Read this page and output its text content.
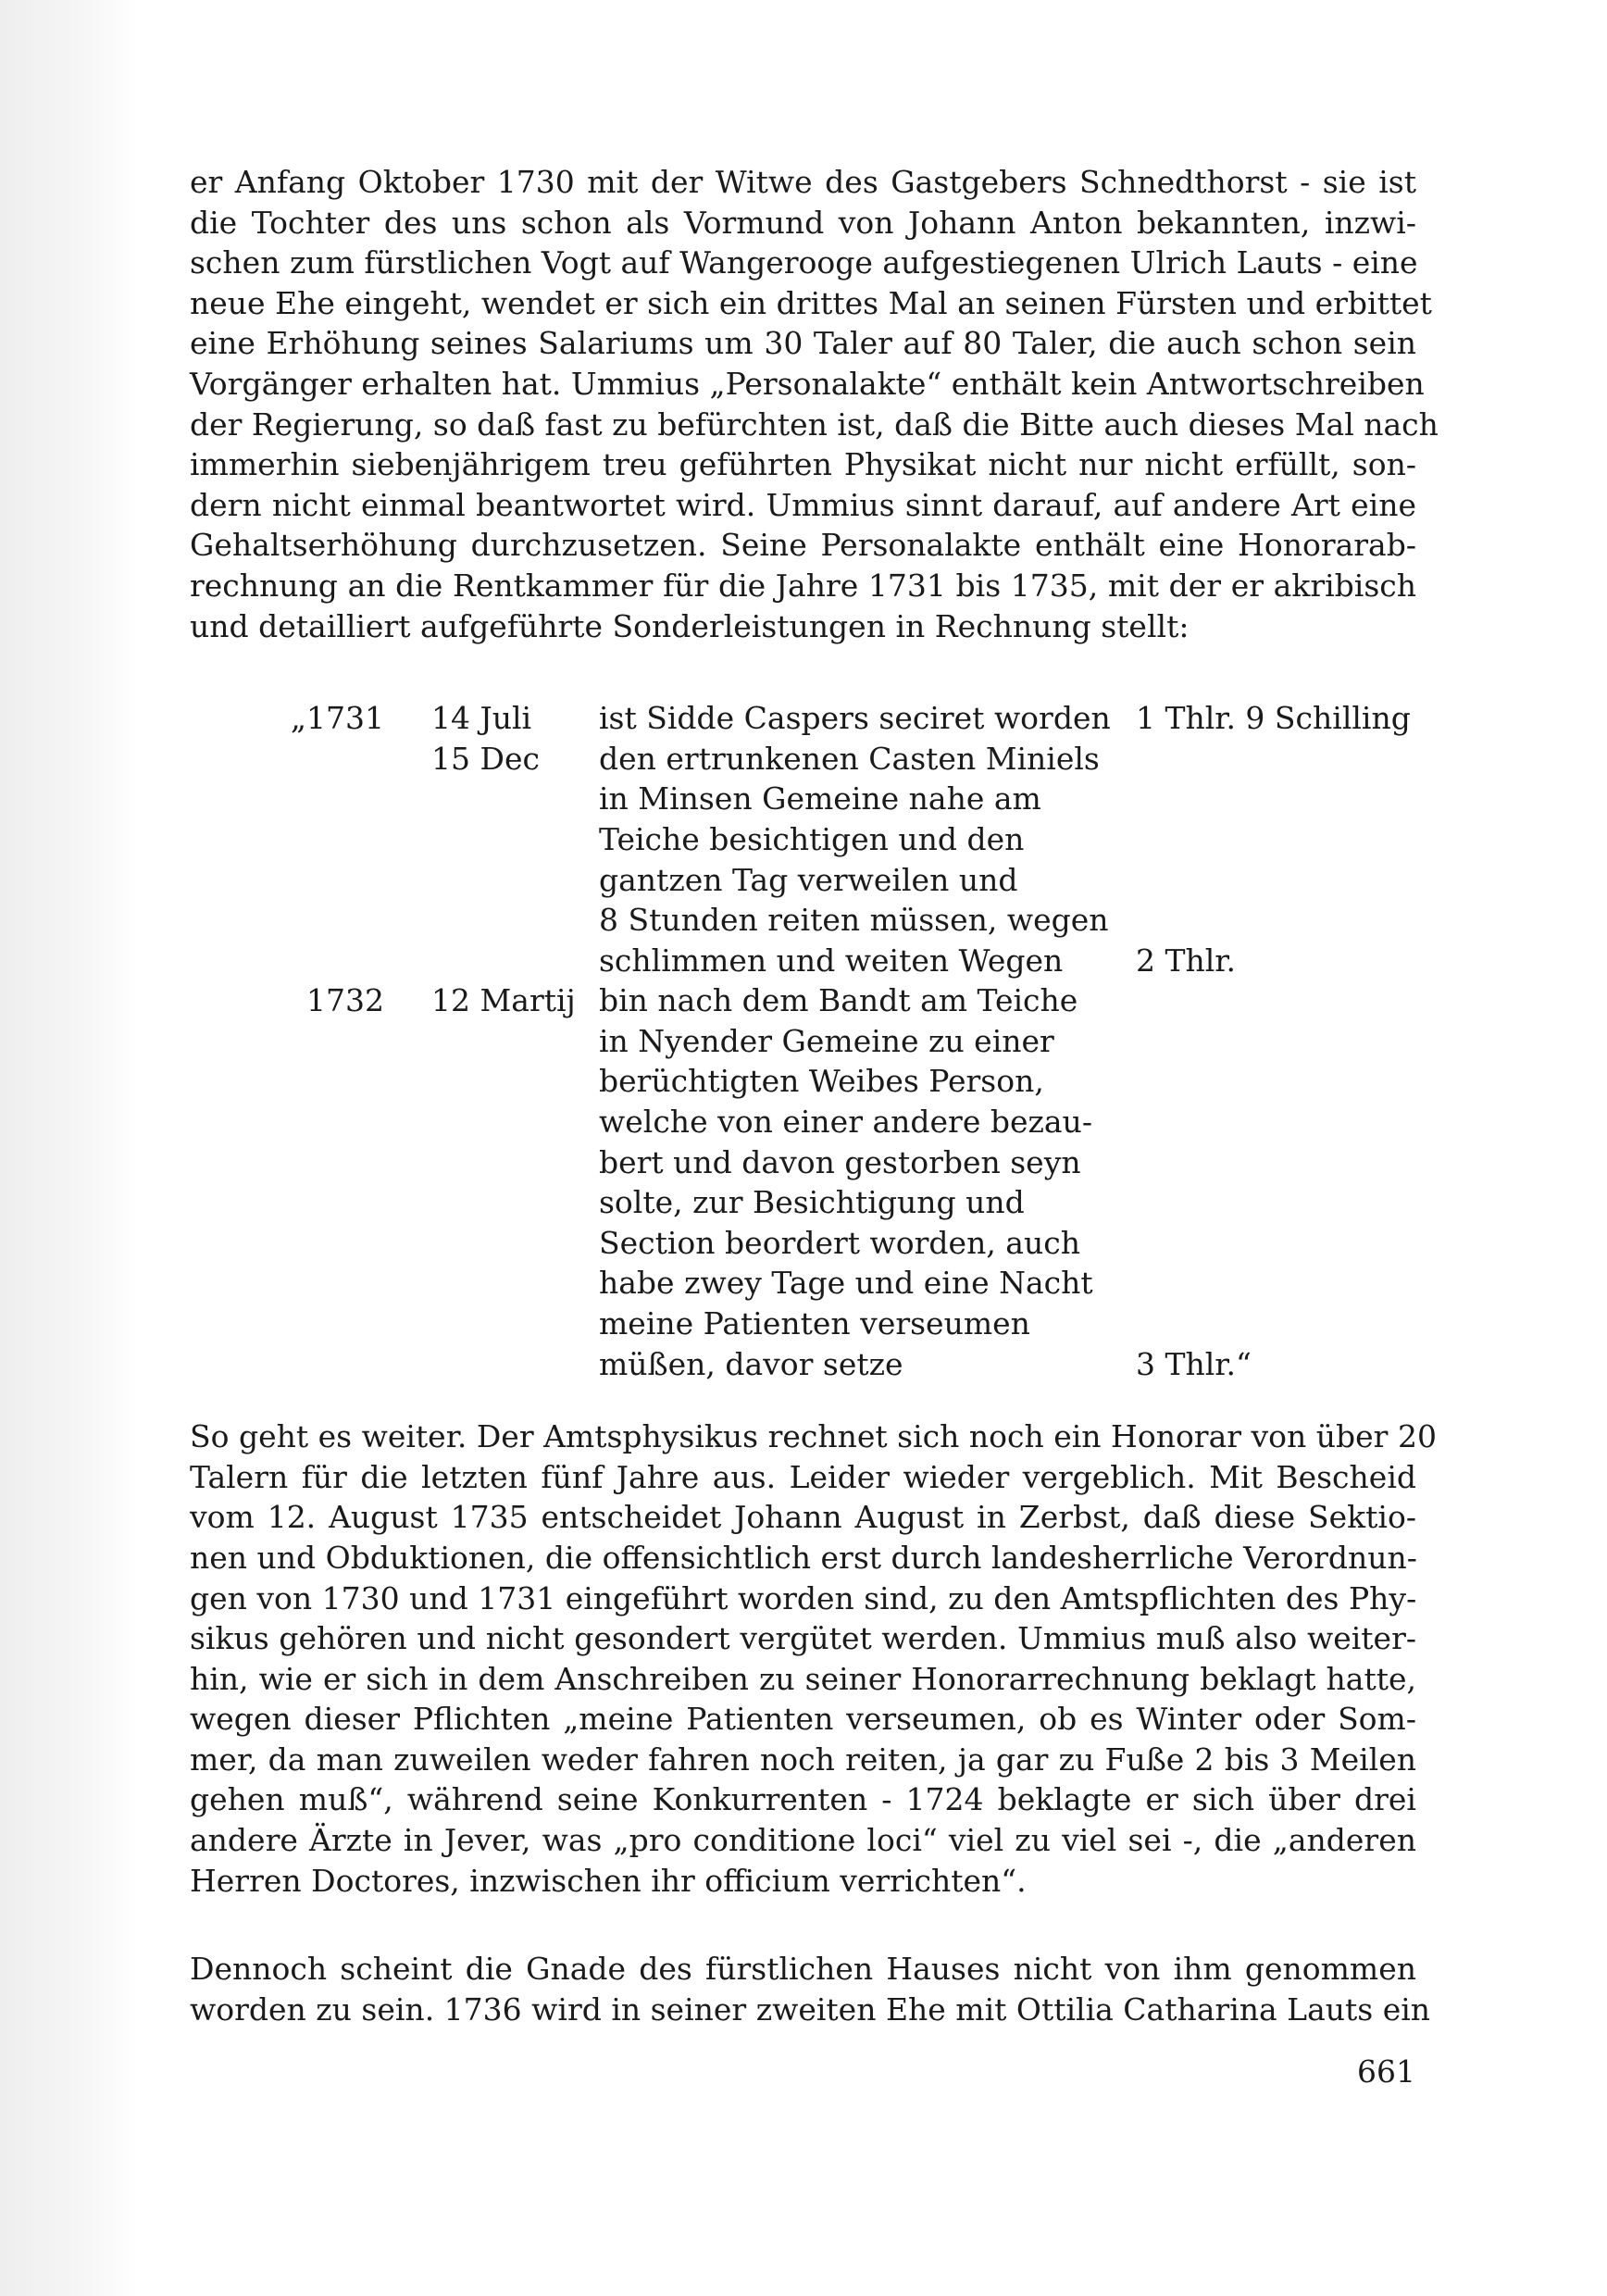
er Anfang Oktober 1730 mit der Witwe des Gastgebers Schnedthorst - sie ist
die Tochter des uns schon als Vormund von Johann Anton bekannten, inzwi-
schen zum fürstlichen Vogt auf Wangerooge aufgestiegenen Ulrich Lauts - eine
neue Ehe eingeht, wendet er sich ein drittes Mal an seinen Fürsten und erbittet
eine Erhöhung seines Salariums um 30 Taler auf 80 Taler, die auch schon sein
Vorgänger erhalten hat. Ummius „Personalakte“ enthält kein Antwortschreiben
der Regierung, so daß fast zu befürchten ist, daß die Bitte auch dieses Mal nach
immerhin siebenjährigem treu geführten Physikat nicht nur nicht erfüllt, son-
dern nicht einmal beantwortet wird. Ummius sinnt darauf, auf andere Art eine
Gehaltserhöhung durchzusetzen. Seine Personalakte enthält eine Honorarab-
rechnung an die Rentkammer für die Jahre 1731 bis 1735, mit der er akribisch
und detailliert aufgeführte Sonderleistungen in Rechnung stellt:

„1731 14 Juli ist Sidde Caspers seciret worden 1 Thlr. 9 Schilling
15 Dec den ertrunkenen Casten Miniels
in Minsen Gemeine nahe am
Teiche besichtigen und den
gantzen Tag verweilen und
8 Stunden reiten müssen, wegen
schlimmen und weiten Wegen 2 Thlr.
1732 12 Martij bin nach dem Bandt am Teiche
in Nyender Gemeine zu einer
berüchtigten Weibes Person,
welche von einer andere bezau-
bert und davon gestorben seyn
solte, zur Besichtigung und
Section beordert worden, auch
habe zwey Tage und eine Nacht
meine Patienten verseumen
müßen, davor setze	3 Thlr.“

So geht es weiter. Der Amtsphysikus rechnet sich noch ein Honorar von über 20
Talern für die letzten fünf Jahre aus. Leider wieder vergeblich. Mit Bescheid
vom 12. August 1735 entscheidet Johann August in Zerbst, daß diese Sektio-
nen und Obduktionen, die offensichtlich erst durch landesherrliche Verordnun-
gen von 1730 und 1731 eingeführt worden sind, zu den Amtspflichten des Phy-
sikus gehören und nicht gesondert vergütet werden. Ummius muß also weiter-
hin, wie er sich in dem Anschreiben zu seiner Honorarrechnung beklagt hatte,
wegen dieser Pflichten „meine Patienten verseumen, ob es Winter oder Som-
mer, da man zuweilen weder fahren noch reiten, ja gar zu Fuße 2 bis 3 Meilen
gehen muß“, während seine Konkurrenten - 1724 beklagte er sich über drei
andere Ärzte in Jever, was „pro conditione loci“ viel zu viel sei -, die „anderen
Herren Doctores, inzwischen ihr officium verrichten“.

Dennoch scheint die Gnade des fürstlichen Hauses nicht von ihm genommen
worden zu sein. 1736 wird in seiner zweiten Ehe mit Ottilia Catharina Lauts ein

661
